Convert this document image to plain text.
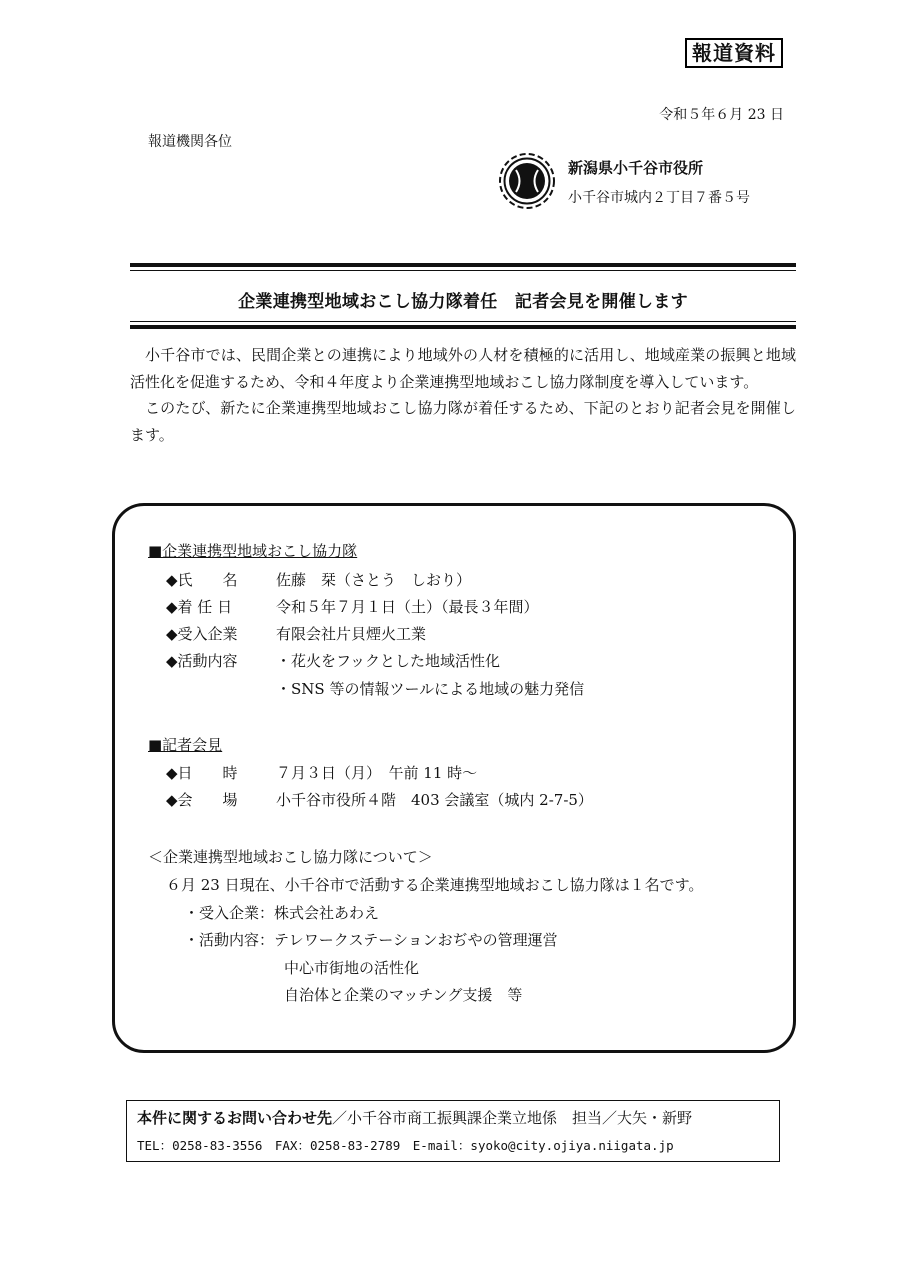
報道資料
令和５年６月 23 日
報道機関各位
新潟県小千谷市役所
小千谷市城内２丁目７番５号
企業連携型地域おこし協力隊着任　記者会見を開催します

小千谷市では、民間企業との連携により地域外の人材を積極的に活用し、地域産業の振興と地域活性化を促進するため、令和４年度より企業連携型地域おこし協力隊制度を導入しています。

このたび、新たに企業連携型地域おこし協力隊が着任するため、下記のとおり記者会見を開催します。

■企業連携型地域おこし協力隊
◆氏　　名	佐藤　栞（さとう　しおり）
◆着 任 日	令和５年７月１日（土）（最長３年間）
◆受入企業	有限会社片貝煙火工業
◆活動内容	・花火をフックとした地域活性化
・SNS 等の情報ツールによる地域の魅力発信
■記者会見
◆日　　時	７月３日（月）　午前 11 時～
◆会　　場	小千谷市役所４階　403 会議室（城内 2-7-5）
＜企業連携型地域おこし協力隊について＞
６月 23 日現在、小千谷市で活動する企業連携型地域おこし協力隊は１名です。
・受入企業：株式会社あわえ
・活動内容：テレワークステーションおぢやの管理運営
中心市街地の活性化
自治体と企業のマッチング支援　等
本件に関するお問い合わせ先／小千谷市商工振興課企業立地係　担当／大矢・新野
TEL：0258-83-3556　FAX：0258-83-2789　E-mail：syoko@city.ojiya.niigata.jp
